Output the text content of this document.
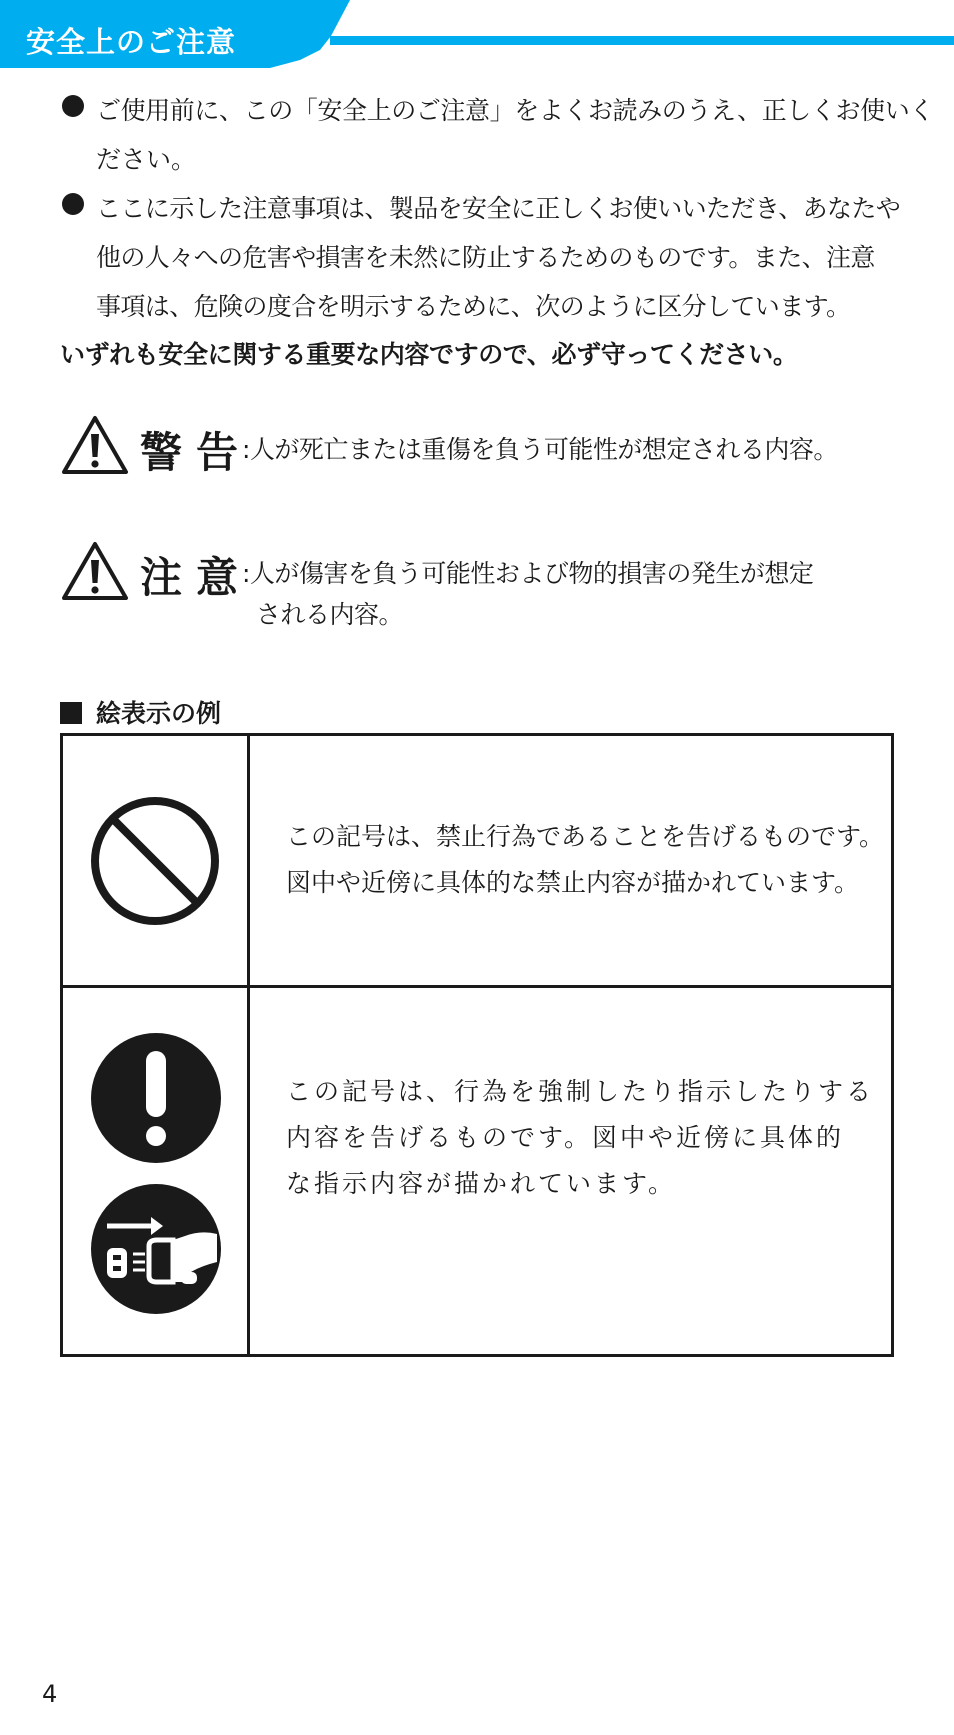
安全上のご注意
ご使用前に、この「安全上のご注意」をよくお読みのうえ、正しくお使いく
ださい。
ここに示した注意事項は、製品を安全に正しくお使いいただき、あなたや
他の人々への危害や損害を未然に防止するためのものです。また、注意
事項は、危険の度合を明示するために、次のように区分しています。
いずれも安全に関する重要な内容ですので、必ず守ってください。
警告
:人が死亡または重傷を負う可能性が想定される内容。
注意
:人が傷害を負う可能性および物的損害の発生が想定
される内容。
絵表示の例
この記号は、禁止行為であることを告げるものです。
図中や近傍に具体的な禁止内容が描かれています。
この記号は、行為を強制したり指示したりする
内容を告げるものです。図中や近傍に具体的
な指示内容が描かれています。
4
